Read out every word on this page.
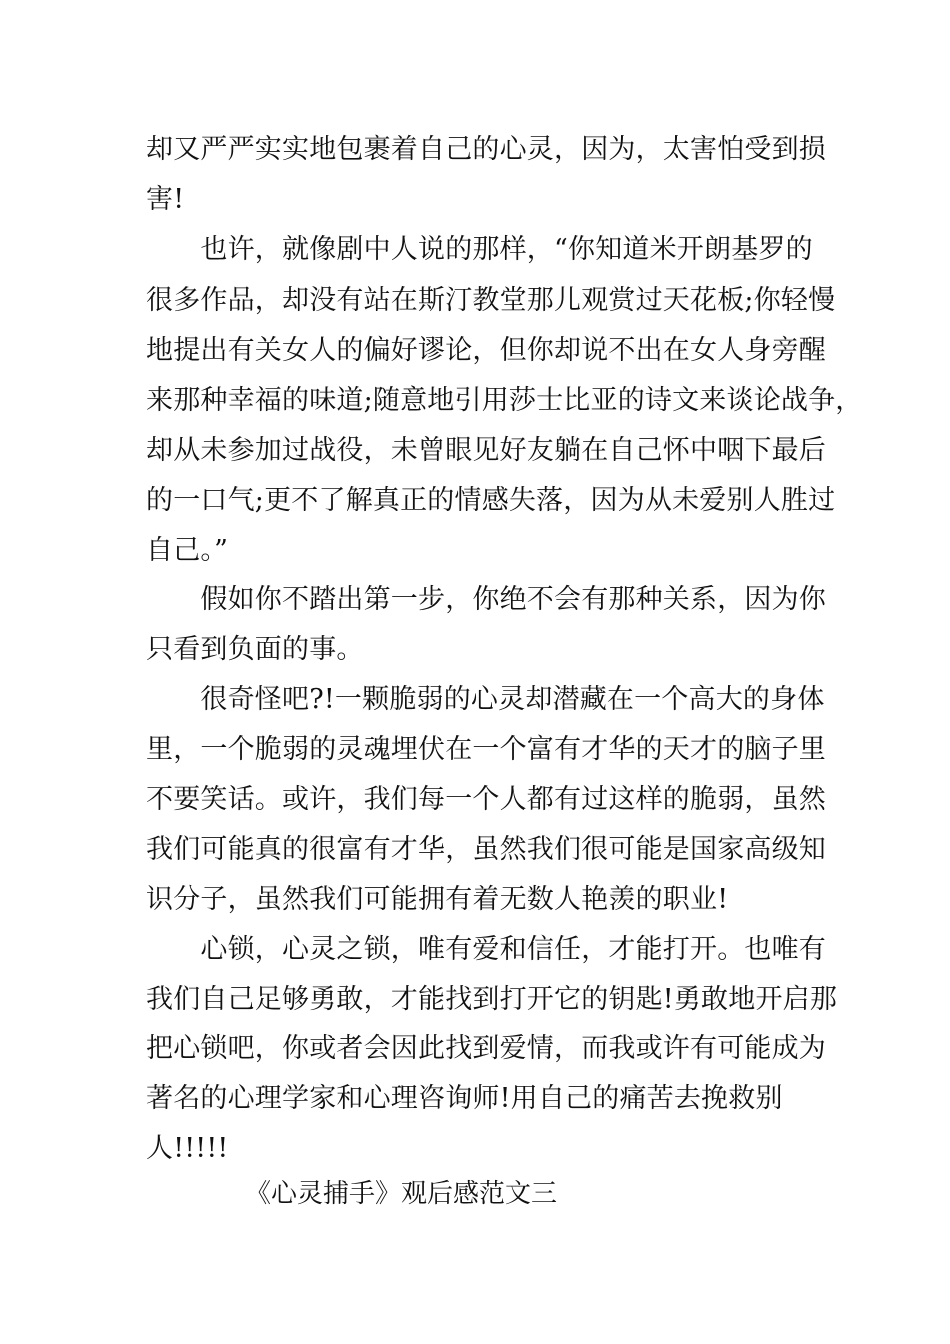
却又严严实实地包裹着自己的心灵，因为，太害怕受到损
害!
　　也许，就像剧中人说的那样，“你知道米开朗基罗的
很多作品，却没有站在斯汀教堂那儿观赏过天花板;你轻慢
地提出有关女人的偏好谬论，但你却说不出在女人身旁醒
来那种幸福的味道;随意地引用莎士比亚的诗文来谈论战争，
却从未参加过战役，未曾眼见好友躺在自己怀中咽下最后
的一口气;更不了解真正的情感失落，因为从未爱别人胜过
自己。”
　　假如你不踏出第一步，你绝不会有那种关系，因为你
只看到负面的事。
　　很奇怪吧?!一颗脆弱的心灵却潜藏在一个高大的身体
里，一个脆弱的灵魂埋伏在一个富有才华的天才的脑子里
不要笑话。或许，我们每一个人都有过这样的脆弱，虽然
我们可能真的很富有才华，虽然我们很可能是国家高级知
识分子，虽然我们可能拥有着无数人艳羡的职业!
　　心锁，心灵之锁，唯有爱和信任，才能打开。也唯有
我们自己足够勇敢，才能找到打开它的钥匙!勇敢地开启那
把心锁吧，你或者会因此找到爱情，而我或许有可能成为
著名的心理学家和心理咨询师!用自己的痛苦去挽救别
人!!!!!
《心灵捕手》观后感范文三
